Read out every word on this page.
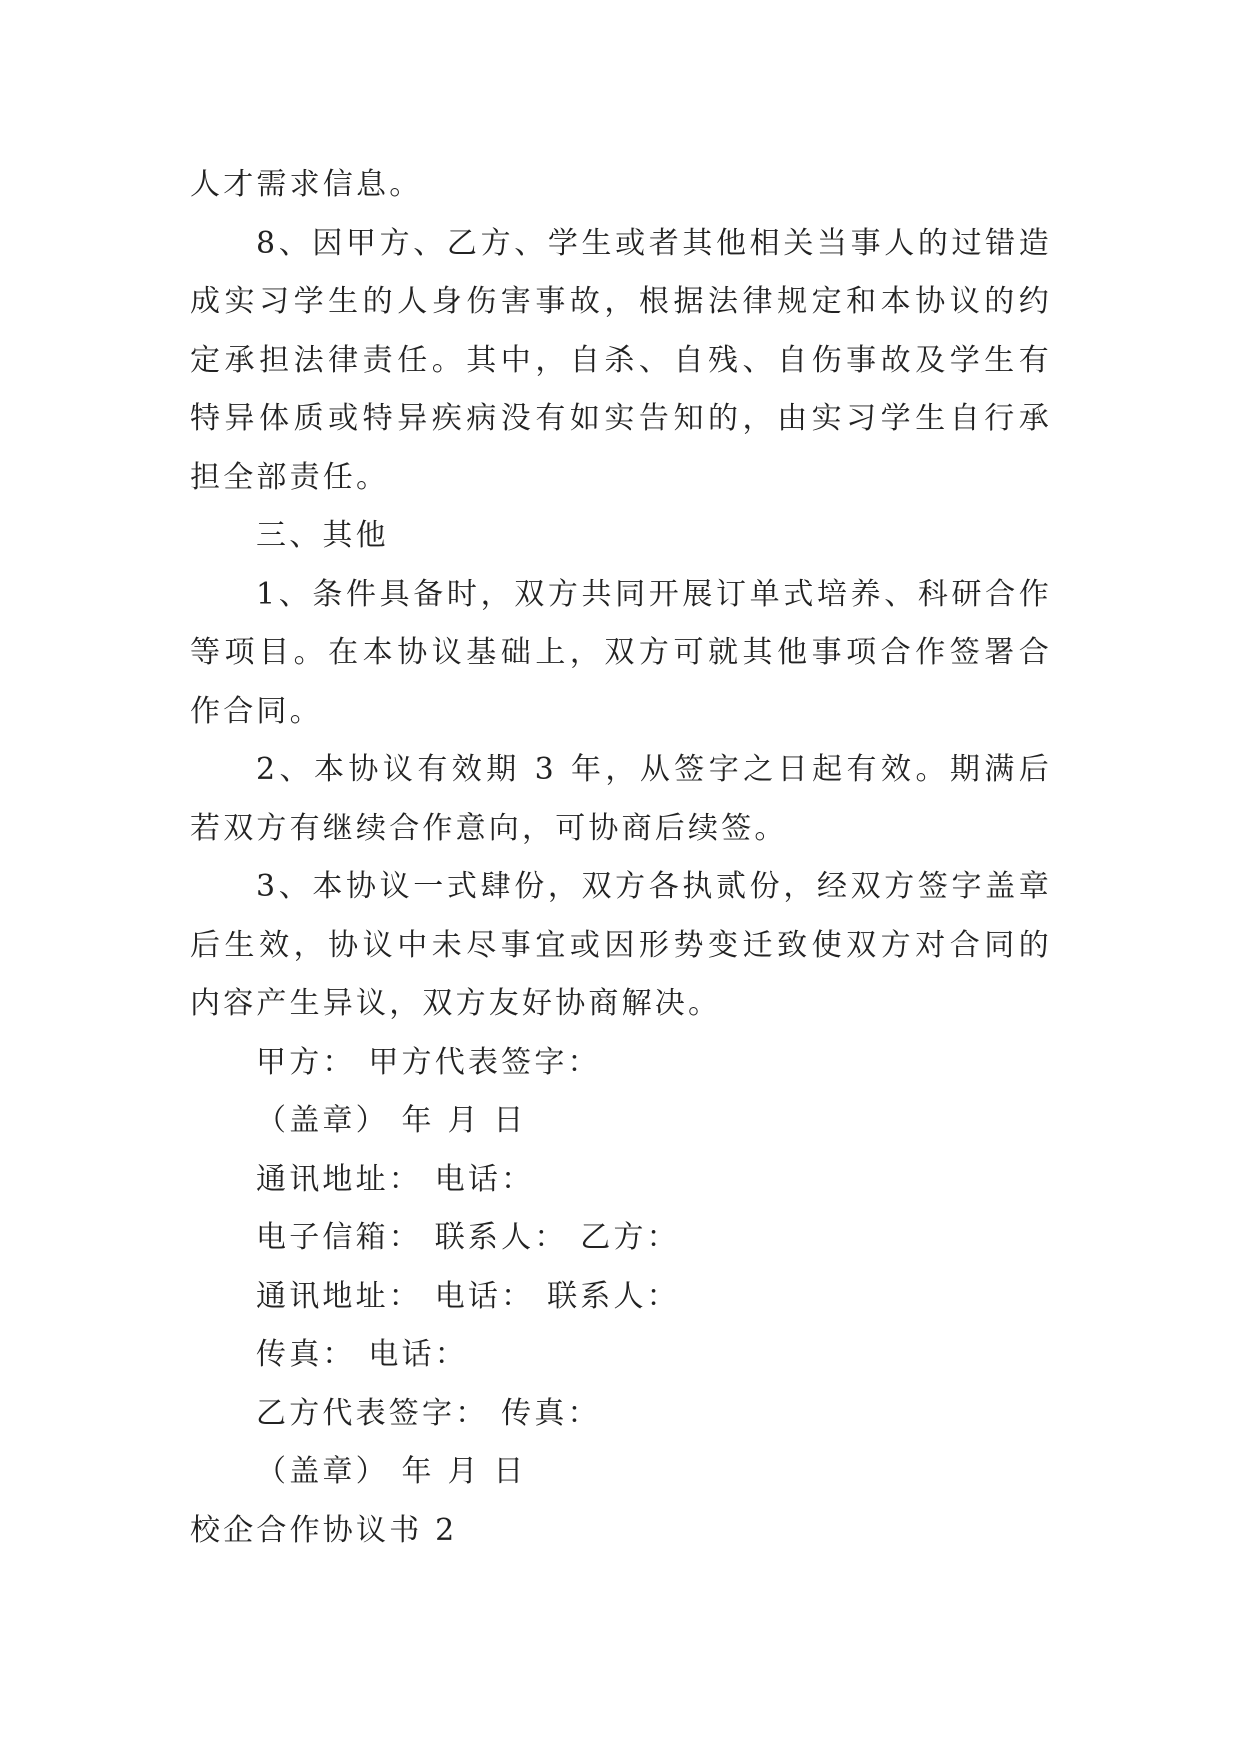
人才需求信息。

8、因甲方、乙方、学生或者其他相关当事人的过错造成实习学生的人身伤害事故，根据法律规定和本协议的约定承担法律责任。其中，自杀、自残、自伤事故及学生有特异体质或特异疾病没有如实告知的，由实习学生自行承担全部责任。

三、其他

1、条件具备时，双方共同开展订单式培养、科研合作等项目。在本协议基础上，双方可就其他事项合作签署合作合同。

2、本协议有效期 3 年，从签字之日起有效。期满后若双方有继续合作意向，可协商后续签。

3、本协议一式肆份，双方各执贰份，经双方签字盖章后生效，协议中未尽事宜或因形势变迁致使双方对合同的内容产生异议，双方友好协商解决。

甲方： 甲方代表签字：

（盖章） 年 月 日

通讯地址： 电话：

电子信箱： 联系人： 乙方：

通讯地址： 电话： 联系人：

传真： 电话：

乙方代表签字： 传真：

（盖章） 年 月 日

校企合作协议书 2
